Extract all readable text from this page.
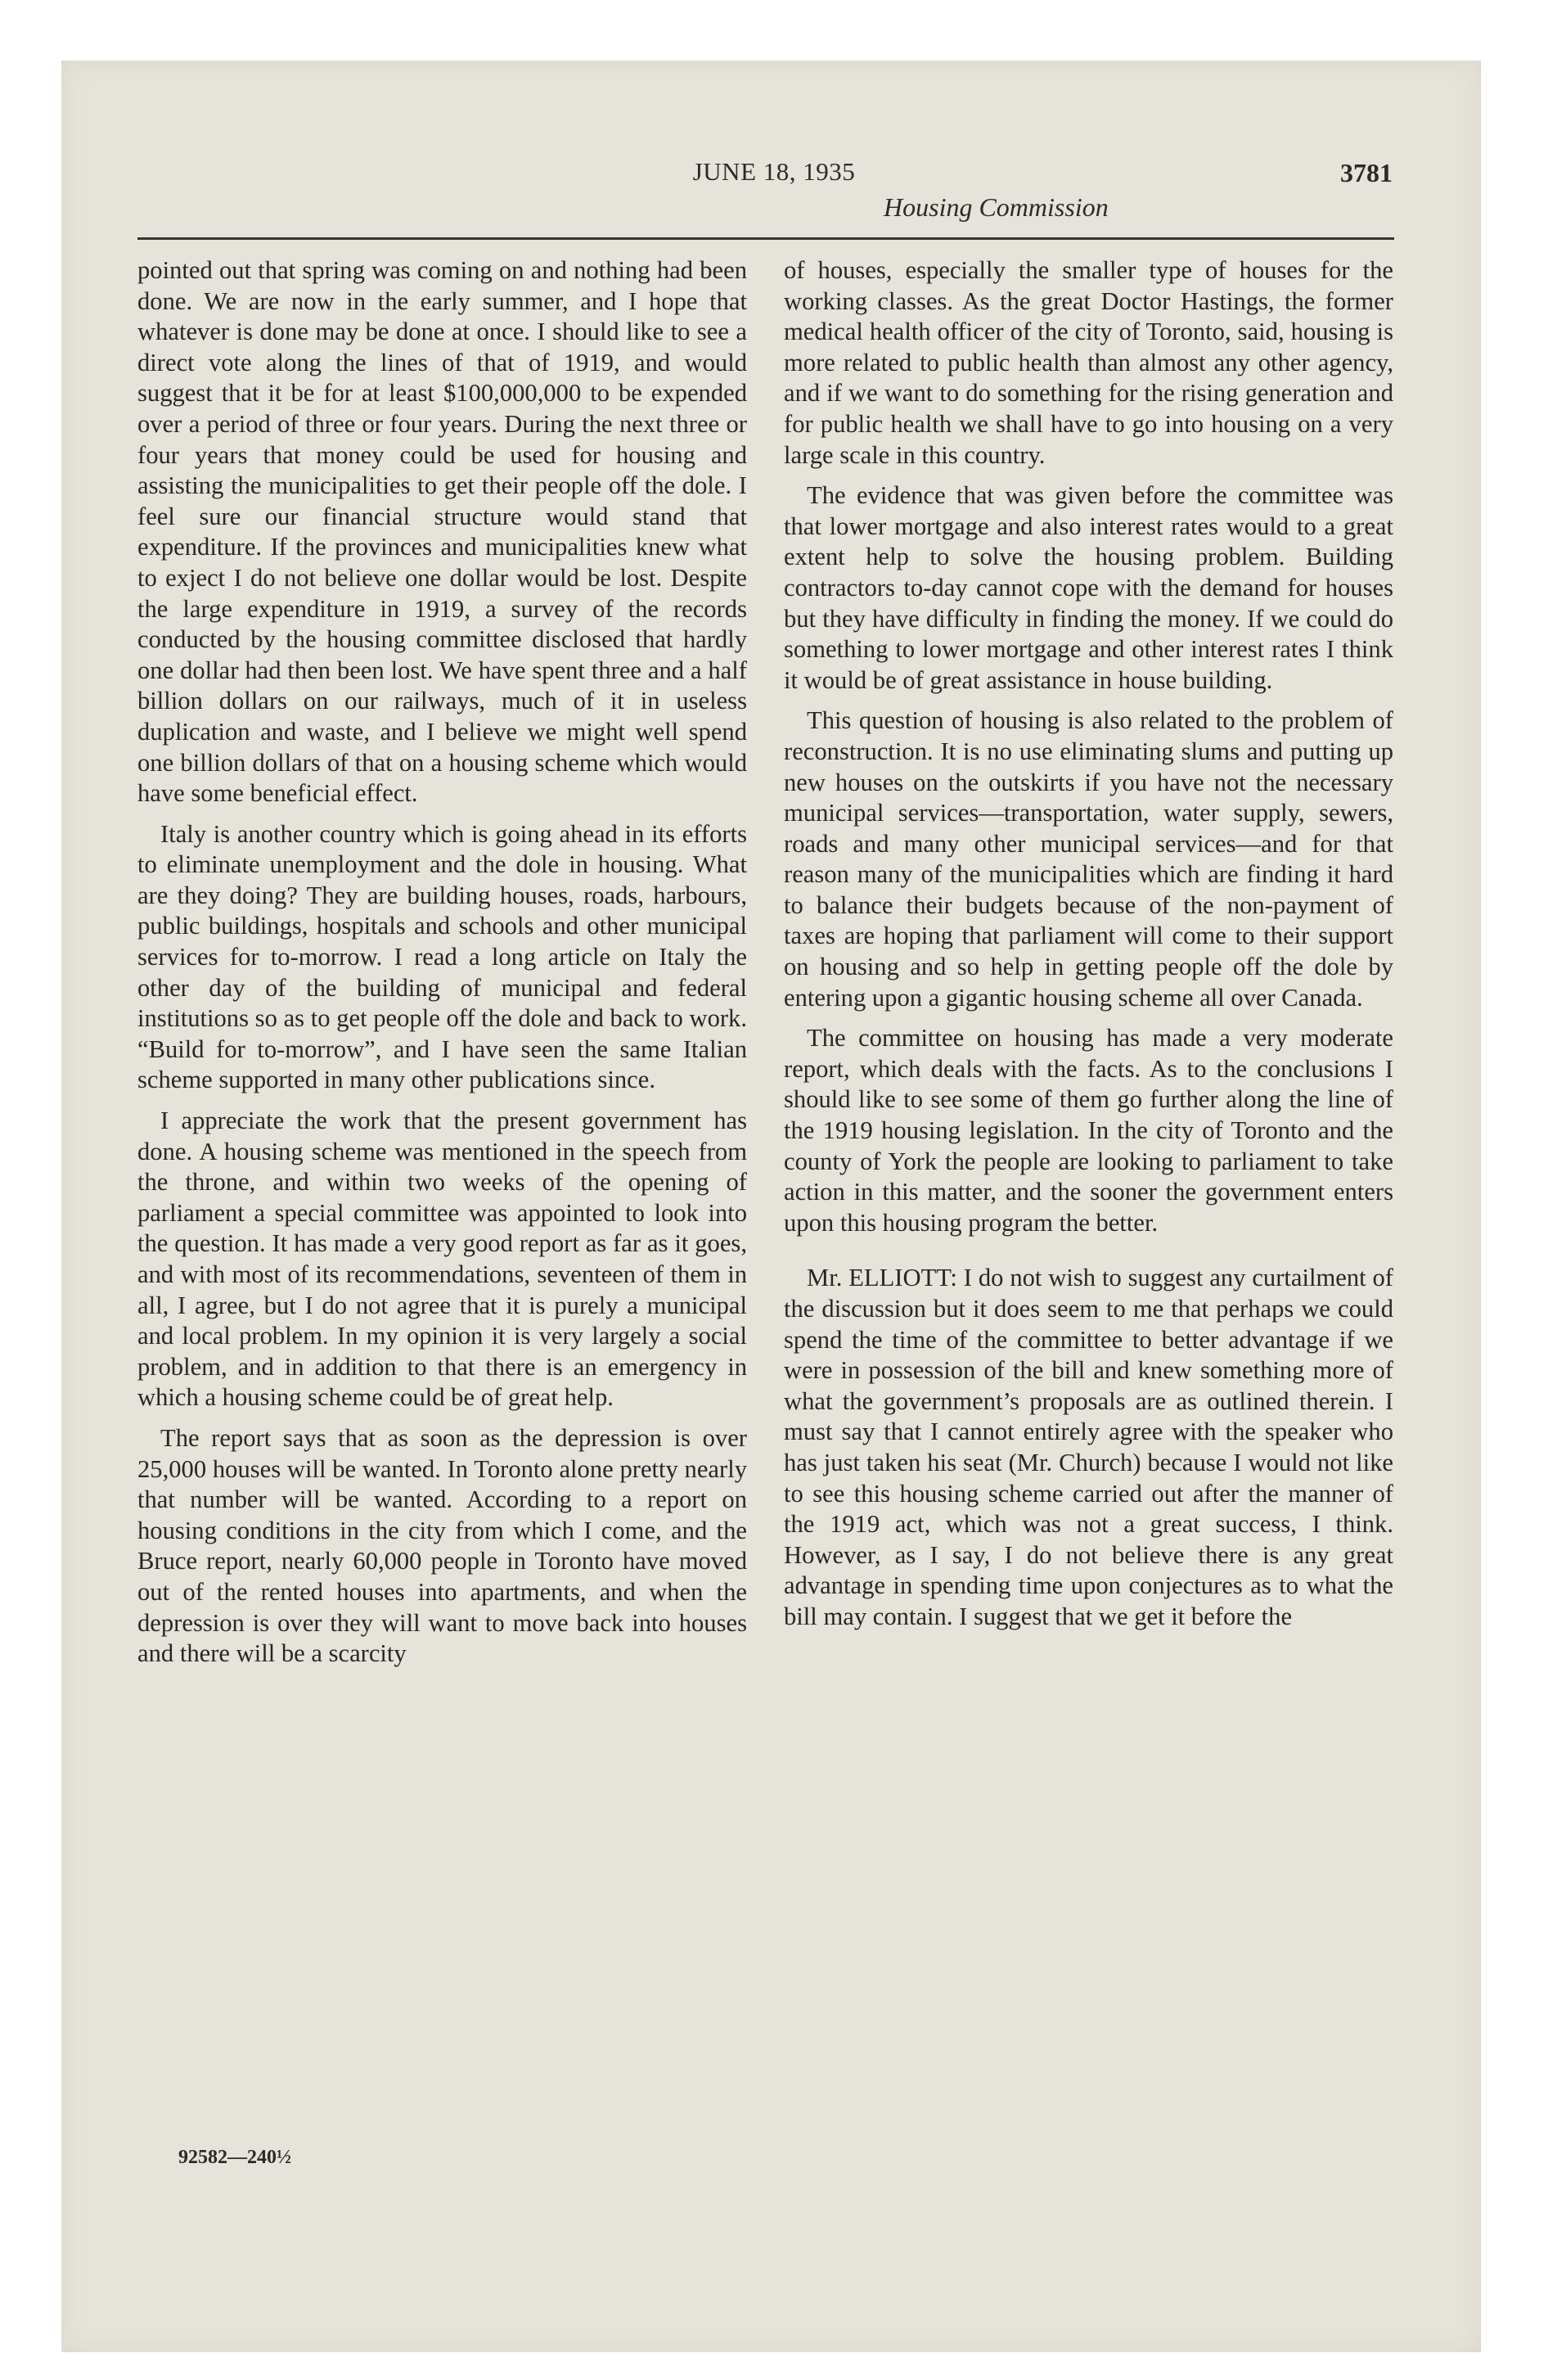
JUNE 18, 1935	3781
Housing Commission

pointed out that spring was coming on and nothing had been done. We are now in the early summer, and I hope that whatever is done may be done at once. I should like to see a direct vote along the lines of that of 1919, and would suggest that it be for at least $100,000,000 to be expended over a period of three or four years. During the next three or four years that money could be used for housing and assisting the municipalities to get their people off the dole. I feel sure our financial structure would stand that expenditure. If the provinces and municipalities knew what to exject I do not believe one dollar would be lost. Despite the large expenditure in 1919, a survey of the records conducted by the housing committee disclosed that hardly one dollar had then been lost. We have spent three and a half billion dollars on our railways, much of it in useless duplication and waste, and I believe we might well spend one billion dollars of that on a housing scheme which would have some beneficial effect.

Italy is another country which is going ahead in its efforts to eliminate unemployment and the dole in housing. What are they doing? They are building houses, roads, harbours, public buildings, hospitals and schools and other municipal services for to-morrow. I read a long article on Italy the other day of the building of municipal and federal institutions so as to get people off the dole and back to work. “Build for to-morrow”, and I have seen the same Italian scheme supported in many other publications since.

I appreciate the work that the present government has done. A housing scheme was mentioned in the speech from the throne, and within two weeks of the opening of parliament a special committee was appointed to look into the question. It has made a very good report as far as it goes, and with most of its recommendations, seventeen of them in all, I agree, but I do not agree that it is purely a municipal and local problem. In my opinion it is very largely a social problem, and in addition to that there is an emergency in which a housing scheme could be of great help.

The report says that as soon as the depression is over 25,000 houses will be wanted. In Toronto alone pretty nearly that number will be wanted. According to a report on housing conditions in the city from which I come, and the Bruce report, nearly 60,000 people in Toronto have moved out of the rented houses into apartments, and when the depression is over they will want to move back into houses and there will be a scarcity

of houses, especially the smaller type of houses for the working classes. As the great Doctor Hastings, the former medical health officer of the city of Toronto, said, housing is more related to public health than almost any other agency, and if we want to do something for the rising generation and for public health we shall have to go into housing on a very large scale in this country.

The evidence that was given before the committee was that lower mortgage and also interest rates would to a great extent help to solve the housing problem. Building contractors to-day cannot cope with the demand for houses but they have difficulty in finding the money. If we could do something to lower mortgage and other interest rates I think it would be of great assistance in house building.

This question of housing is also related to the problem of reconstruction. It is no use eliminating slums and putting up new houses on the outskirts if you have not the necessary municipal services—transportation, water supply, sewers, roads and many other municipal services—and for that reason many of the municipalities which are finding it hard to balance their budgets because of the non-payment of taxes are hoping that parliament will come to their support on housing and so help in getting people off the dole by entering upon a gigantic housing scheme all over Canada.

The committee on housing has made a very moderate report, which deals with the facts. As to the conclusions I should like to see some of them go further along the line of the 1919 housing legislation. In the city of Toronto and the county of York the people are looking to parliament to take action in this matter, and the sooner the government enters upon this housing program the better.

Mr. ELLIOTT: I do not wish to suggest any curtailment of the discussion but it does seem to me that perhaps we could spend the time of the committee to better advantage if we were in possession of the bill and knew something more of what the government’s proposals are as outlined therein. I must say that I cannot entirely agree with the speaker who has just taken his seat (Mr. Church) because I would not like to see this housing scheme carried out after the manner of the 1919 act, which was not a great success, I think. However, as I say, I do not believe there is any great advantage in spending time upon conjectures as to what the bill may contain. I suggest that we get it before the

92582—240½
